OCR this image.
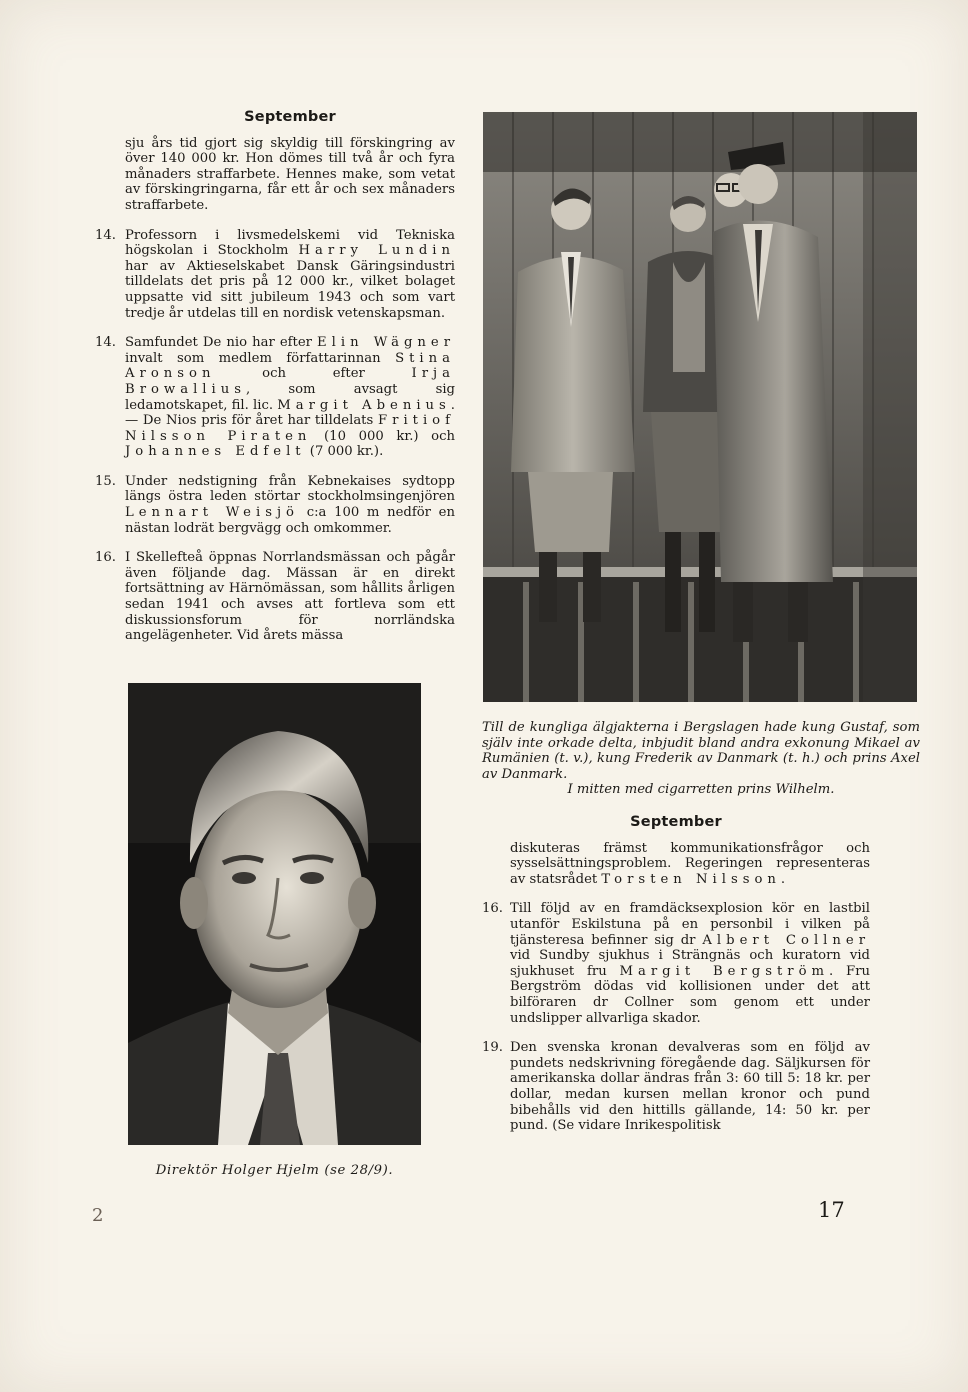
September

sju års tid gjort sig skyldig till förskingring av över 140 000 kr. Hon dömes till två år och fyra månaders straffarbete. Hennes make, som vetat av förskingringarna, får ett år och sex månaders straffarbete.

14. Professorn i livsmedelskemi vid Tekniska högskolan i Stockholm Harry Lundin har av Aktieselskabet Dansk Gäringsindustri tilldelats det pris på 12 000 kr., vilket bolaget uppsatte vid sitt jubileum 1943 och som vart tredje år utdelas till en nordisk vetenskapsman.

14. Samfundet De nio har efter Elin Wägner invalt som medlem författarinnan Stina Aronson och efter Irja Browallius, som avsagt sig ledamotskapet, fil. lic. Margit Abenius. — De Nios pris för året har tilldelats Fritiof Nilsson Piraten (10 000 kr.) och Johannes Edfelt (7 000 kr.).

15. Under nedstigning från Kebnekaises sydtopp längs östra leden störtar stockholmsingenjören Lennart Weisjö c:a 100 m nedför en nästan lodrät bergvägg och omkommer.

16. I Skellefteå öppnas Norrlandsmässan och pågår även följande dag. Mässan är en direkt fortsättning av Härnömässan, som hållits årligen sedan 1941 och avses att fortleva som ett diskussionsforum för norrländska angelägenheter. Vid årets mässa

Till de kungliga älgjakterna i Bergslagen hade kung Gustaf, som själv inte orkade delta, inbjudit bland andra exkonung Mikael av Rumänien (t. v.), kung Frederik av Danmark (t. h.) och prins Axel av Danmark.
I mitten med cigarretten prins Wilhelm.
Direktör Holger Hjelm (se 28/9).
September

diskuteras främst kommunikationsfrågor och sysselsättningsproblem. Regeringen representeras av statsrådet Torsten Nilsson.

16. Till följd av en framdäcksexplosion kör en lastbil utanför Eskilstuna på en personbil i vilken på tjänsteresa befinner sig dr Albert Collner vid Sundby sjukhus i Strängnäs och kuratorn vid sjukhuset fru Margit Bergström. Fru Bergström dödas vid kollisionen under det att bilföraren dr Collner som genom ett under undslipper allvarliga skador.

19. Den svenska kronan devalveras som en följd av pundets nedskrivning föregående dag. Säljkursen för amerikanska dollar ändras från 3: 60 till 5: 18 kr. per dollar, medan kursen mellan kronor och pund bibehålls vid den hittills gällande, 14: 50 kr. per pund. (Se vidare Inrikespolitisk

2	17
